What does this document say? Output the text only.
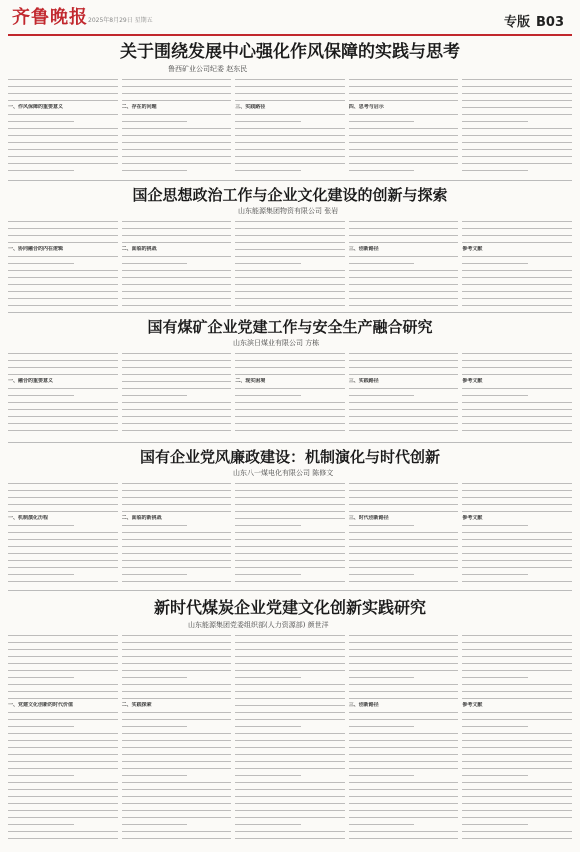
齐鲁晚报 2025年8月29日 星期五	专版 B03
关于围绕发展中心强化作风保障的实践与思考
鲁西矿业公司纪委 赵东民
一、作风保障的重要意义	二、存在的问题	三、实践路径	四、思考与启示
国企思想政治工作与企业文化建设的创新与探索
山东能源集团物资有限公司 张岩
一、协同融合的内在逻辑	二、面临的挑战	三、创新路径	参考文献
国有煤矿企业党建工作与安全生产融合研究
山东滨日煤业有限公司 方栋
一、融合的重要意义	二、现实困境	三、实践路径	参考文献
国有企业党风廉政建设：机制演化与时代创新
山东八一煤电化有限公司 陈修文
一、机制演化历程	二、面临的新挑战	三、时代创新路径	参考文献
新时代煤炭企业党建文化创新实践研究
山东能源集团党委组织部(人力资源部) 颜世洋
一、党建文化创新的时代价值	二、实践探索	三、创新路径	参考文献
